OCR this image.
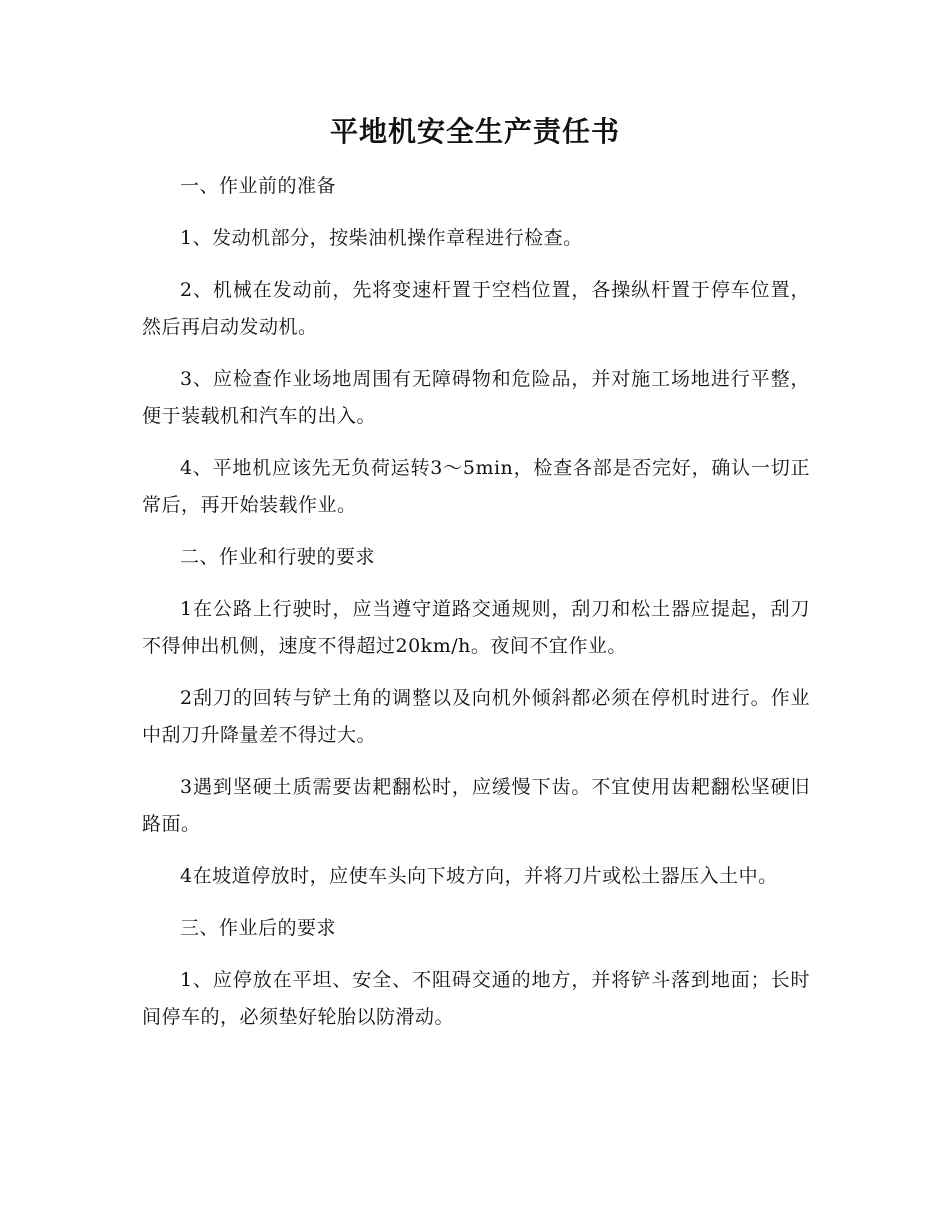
平地机安全生产责任书

一、作业前的准备

1、发动机部分，按柴油机操作章程进行检查。

2、机械在发动前，先将变速杆置于空档位置，各操纵杆置于停车位置，然后再启动发动机。

3、应检查作业场地周围有无障碍物和危险品，并对施工场地进行平整，便于装载机和汽车的出入。

4、平地机应该先无负荷运转3～5min，检查各部是否完好，确认一切正常后，再开始装载作业。

二、作业和行驶的要求

1在公路上行驶时，应当遵守道路交通规则，刮刀和松土器应提起，刮刀不得伸出机侧，速度不得超过20km/h。夜间不宜作业。

2刮刀的回转与铲土角的调整以及向机外倾斜都必须在停机时进行。作业中刮刀升降量差不得过大。

3遇到坚硬土质需要齿耙翻松时，应缓慢下齿。不宜使用齿耙翻松坚硬旧路面。

4在坡道停放时，应使车头向下坡方向，并将刀片或松土器压入土中。

三、作业后的要求

1、应停放在平坦、安全、不阻碍交通的地方，并将铲斗落到地面；长时间停车的，必须垫好轮胎以防滑动。
